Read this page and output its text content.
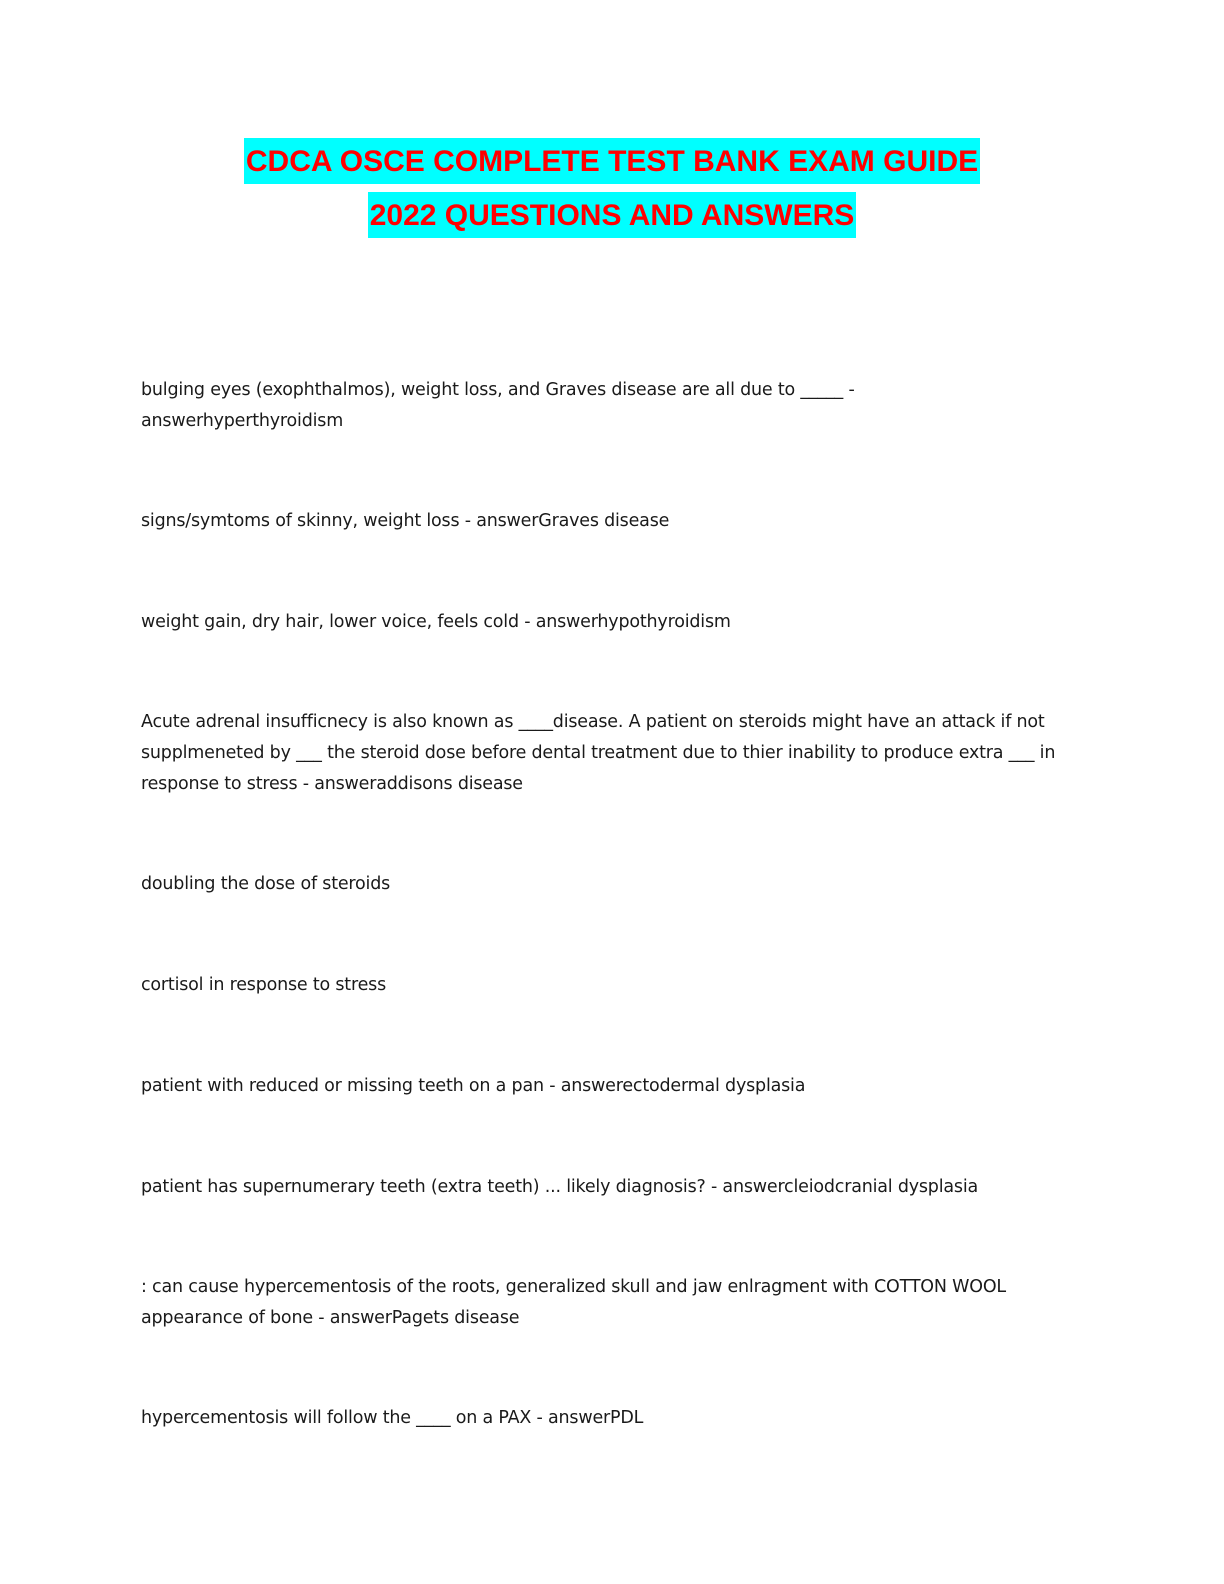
CDCA OSCE COMPLETE TEST BANK EXAM GUIDE
2022 QUESTIONS AND ANSWERS
bulging eyes (exophthalmos), weight loss, and Graves disease are all due to _____ - answerhyperthyroidism
signs/symtoms of skinny, weight loss - answerGraves disease
weight gain, dry hair, lower voice, feels cold - answerhypothyroidism
Acute adrenal insufficnecy is also known as ____disease. A patient on steroids might have an attack if not supplmeneted by ___ the steroid dose before dental treatment due to thier inability to produce extra ___ in response to stress - answeraddisons disease
doubling the dose of steroids
cortisol in response to stress
patient with reduced or missing teeth on a pan - answerectodermal dysplasia
patient has supernumerary teeth (extra teeth) ... likely diagnosis? - answercleiodcranial dysplasia
: can cause hypercementosis of the roots, generalized skull and jaw enlragment with COTTON WOOL appearance of bone - answerPagets disease
hypercementosis will follow the ____ on a PAX - answerPDL
